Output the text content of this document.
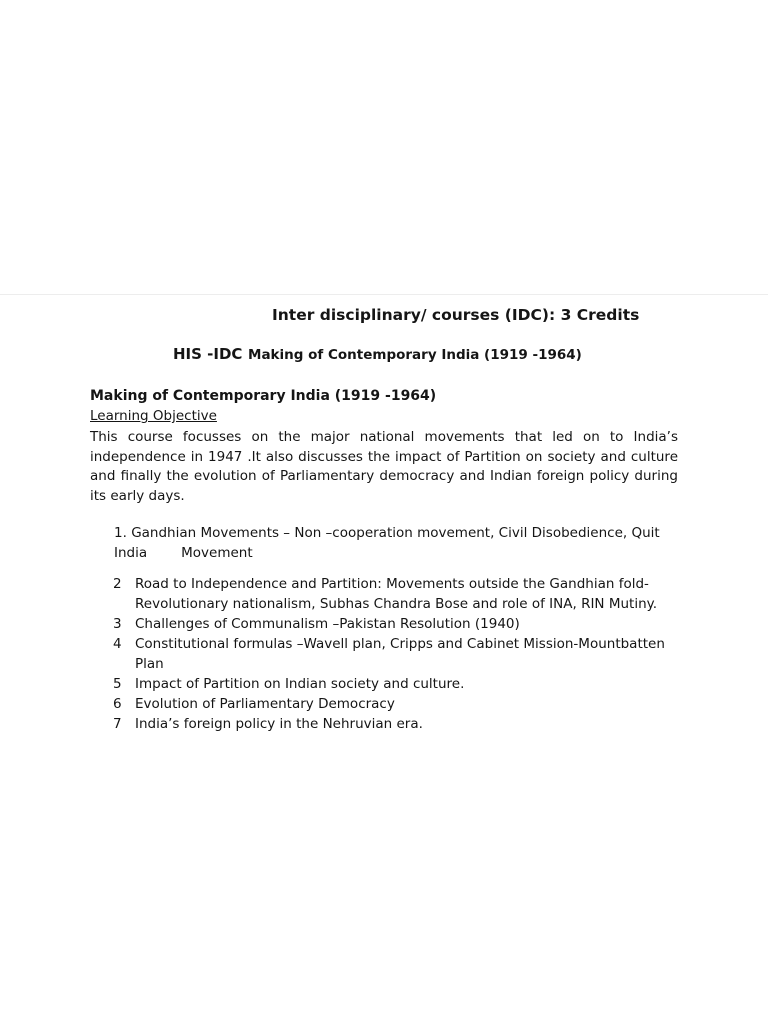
Inter disciplinary/ courses (IDC): 3 Credits
HIS -IDC Making of Contemporary India (1919 -1964)
Making of Contemporary India (1919 -1964)
Learning Objective
This course focusses on the major national movements that led on to India’s independence in 1947 .It also discusses the impact of Partition on society and culture and finally the evolution of Parliamentary democracy and Indian foreign policy during its early days.
1. Gandhian Movements – Non –cooperation movement, Civil Disobedience, Quit
India	Movement
2 Road to Independence and Partition: Movements outside the Gandhian fold-
Revolutionary nationalism, Subhas Chandra Bose and role of INA, RIN Mutiny.
3 Challenges of Communalism –Pakistan Resolution (1940)
4 Constitutional formulas –Wavell plan, Cripps and Cabinet Mission-Mountbatten
Plan
5 Impact of Partition on Indian society and culture.
6 Evolution of Parliamentary Democracy
7 India’s foreign policy in the Nehruvian era.
